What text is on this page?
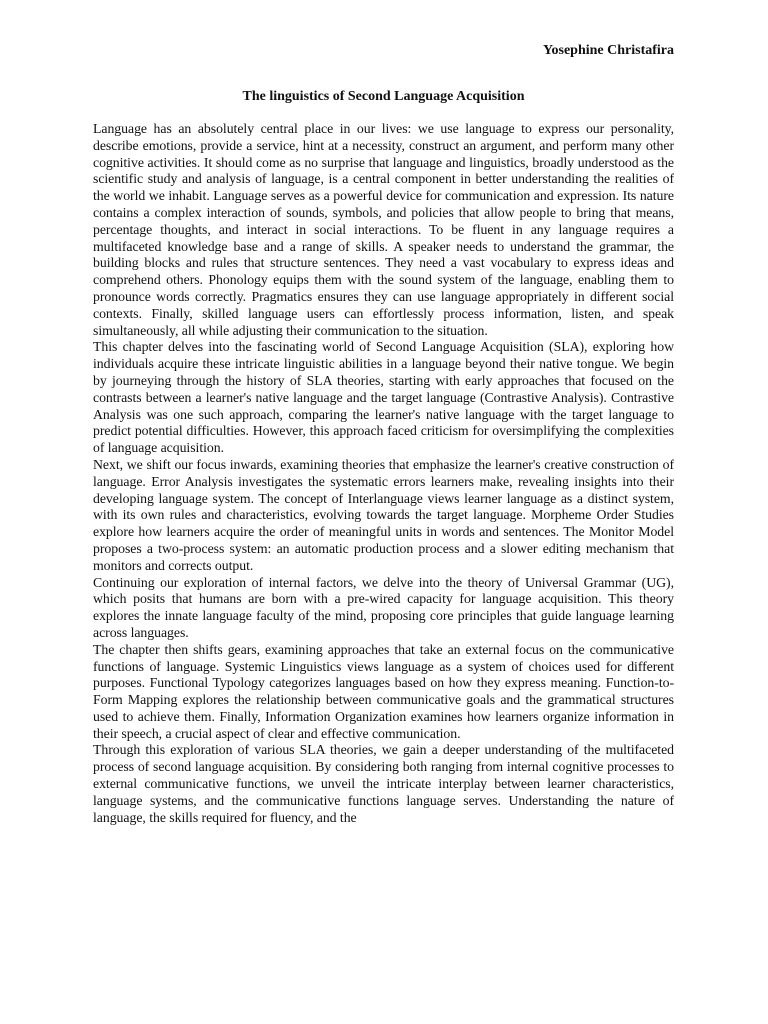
Yosephine Christafira
The linguistics of Second Language Acquisition

Language has an absolutely central place in our lives: we use language to express our personality, describe emotions, provide a service, hint at a necessity, construct an argument, and perform many other cognitive activities. It should come as no surprise that language and linguistics, broadly understood as the scientific study and analysis of language, is a central component in better understanding the realities of the world we inhabit. Language serves as a powerful device for communication and expression. Its nature contains a complex interaction of sounds, symbols, and policies that allow people to bring that means, percentage thoughts, and interact in social interactions. To be fluent in any language requires a multifaceted knowledge base and a range of skills. A speaker needs to understand the grammar, the building blocks and rules that structure sentences. They need a vast vocabulary to express ideas and comprehend others. Phonology equips them with the sound system of the language, enabling them to pronounce words correctly. Pragmatics ensures they can use language appropriately in different social contexts. Finally, skilled language users can effortlessly process information, listen, and speak simultaneously, all while adjusting their communication to the situation.

This chapter delves into the fascinating world of Second Language Acquisition (SLA), exploring how individuals acquire these intricate linguistic abilities in a language beyond their native tongue. We begin by journeying through the history of SLA theories, starting with early approaches that focused on the contrasts between a learner's native language and the target language (Contrastive Analysis). Contrastive Analysis was one such approach, comparing the learner's native language with the target language to predict potential difficulties. However, this approach faced criticism for oversimplifying the complexities of language acquisition.

Next, we shift our focus inwards, examining theories that emphasize the learner's creative construction of language. Error Analysis investigates the systematic errors learners make, revealing insights into their developing language system. The concept of Interlanguage views learner language as a distinct system, with its own rules and characteristics, evolving towards the target language. Morpheme Order Studies explore how learners acquire the order of meaningful units in words and sentences. The Monitor Model proposes a two-process system: an automatic production process and a slower editing mechanism that monitors and corrects output.

Continuing our exploration of internal factors, we delve into the theory of Universal Grammar (UG), which posits that humans are born with a pre-wired capacity for language acquisition. This theory explores the innate language faculty of the mind, proposing core principles that guide language learning across languages.

The chapter then shifts gears, examining approaches that take an external focus on the communicative functions of language. Systemic Linguistics views language as a system of choices used for different purposes. Functional Typology categorizes languages based on how they express meaning. Function-to-Form Mapping explores the relationship between communicative goals and the grammatical structures used to achieve them. Finally, Information Organization examines how learners organize information in their speech, a crucial aspect of clear and effective communication.

Through this exploration of various SLA theories, we gain a deeper understanding of the multifaceted process of second language acquisition. By considering both ranging from internal cognitive processes to external communicative functions, we unveil the intricate interplay between learner characteristics, language systems, and the communicative functions language serves. Understanding the nature of language, the skills required for fluency, and the
